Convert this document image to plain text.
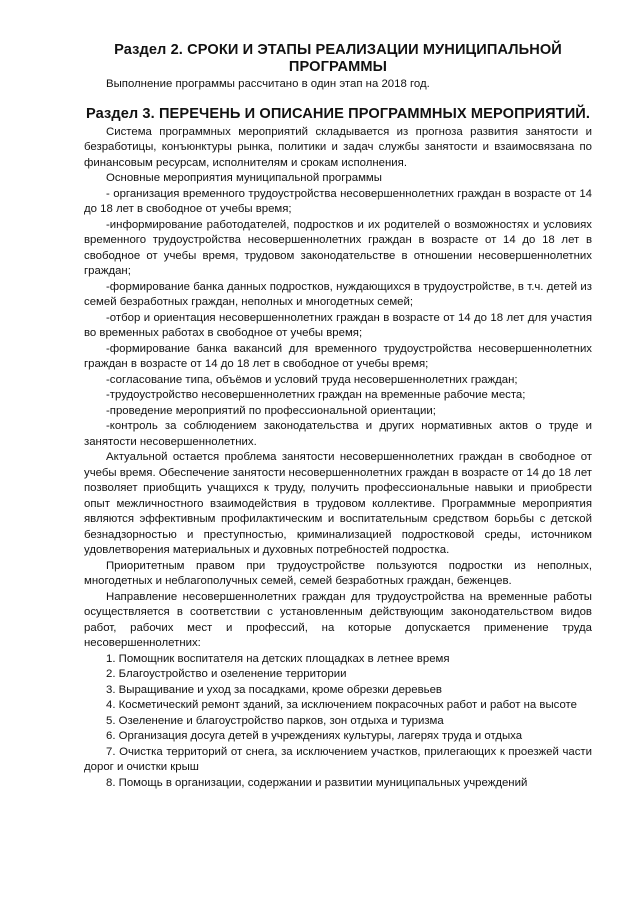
Раздел 2. СРОКИ И ЭТАПЫ РЕАЛИЗАЦИИ МУНИЦИПАЛЬНОЙ ПРОГРАММЫ

Выполнение программы рассчитано в один этап на 2018 год.

Раздел 3. ПЕРЕЧЕНЬ И ОПИСАНИЕ ПРОГРАММНЫХ МЕРОПРИЯТИЙ.

Система программных мероприятий складывается из прогноза развития занятости и безработицы, конъюнктуры рынка, политики и задач службы занятости и взаимосвязана по финансовым ресурсам, исполнителям и срокам исполнения.

Основные мероприятия муниципальной программы

- организация временного трудоустройства несовершеннолетних граждан в возрасте от 14 до 18 лет в свободное от учебы время;

-информирование работодателей, подростков и их родителей о возможностях и условиях временного трудоустройства несовершеннолетних граждан в возрасте от 14 до 18 лет в свободное от учебы время, трудовом законодательстве в отношении несовершеннолетних граждан;

-формирование банка данных подростков, нуждающихся в трудоустройстве, в т.ч. детей из семей безработных граждан, неполных и многодетных семей;

-отбор и ориентация несовершеннолетних граждан в возрасте от 14 до 18 лет для участия во временных работах в свободное от учебы время;

-формирование банка вакансий для временного трудоустройства несовершеннолетних граждан в возрасте от 14 до 18 лет в свободное от учебы время;

-согласование типа, объёмов и условий труда несовершеннолетних граждан;

-трудоустройство несовершеннолетних граждан на временные рабочие места;

-проведение мероприятий по профессиональной ориентации;

-контроль за соблюдением законодательства и других нормативных актов о труде и занятости несовершеннолетних.

Актуальной остается проблема занятости несовершеннолетних граждан в свободное от учебы время. Обеспечение занятости несовершеннолетних граждан в возрасте от 14 до 18 лет позволяет приобщить учащихся к труду, получить профессиональные навыки и приобрести опыт межличностного взаимодействия в трудовом коллективе. Программные мероприятия являются эффективным профилактическим и воспитательным средством борьбы с детской безнадзорностью и преступностью, криминализацией подростковой среды, источником удовлетворения материальных и духовных потребностей подростка.

Приоритетным правом при трудоустройстве пользуются подростки из неполных, многодетных и неблагополучных семей, семей безработных граждан, беженцев.

Направление несовершеннолетних граждан для трудоустройства на временные работы осуществляется в соответствии с установленным действующим законодательством видов работ, рабочих мест и профессий, на которые допускается применение труда несовершеннолетних:

1. Помощник воспитателя на детских площадках в летнее время

2. Благоустройство и озеленение территории

3. Выращивание и уход за посадками, кроме обрезки деревьев

4. Косметический ремонт зданий, за исключением покрасочных работ и работ на высоте

5. Озеленение и благоустройство парков, зон отдыха и туризма

6. Организация досуга детей в учреждениях культуры, лагерях труда и отдыха

7. Очистка территорий от снега, за исключением участков, прилегающих к проезжей части дорог и очистки крыш

8. Помощь в организации, содержании и развитии муниципальных учреждений
